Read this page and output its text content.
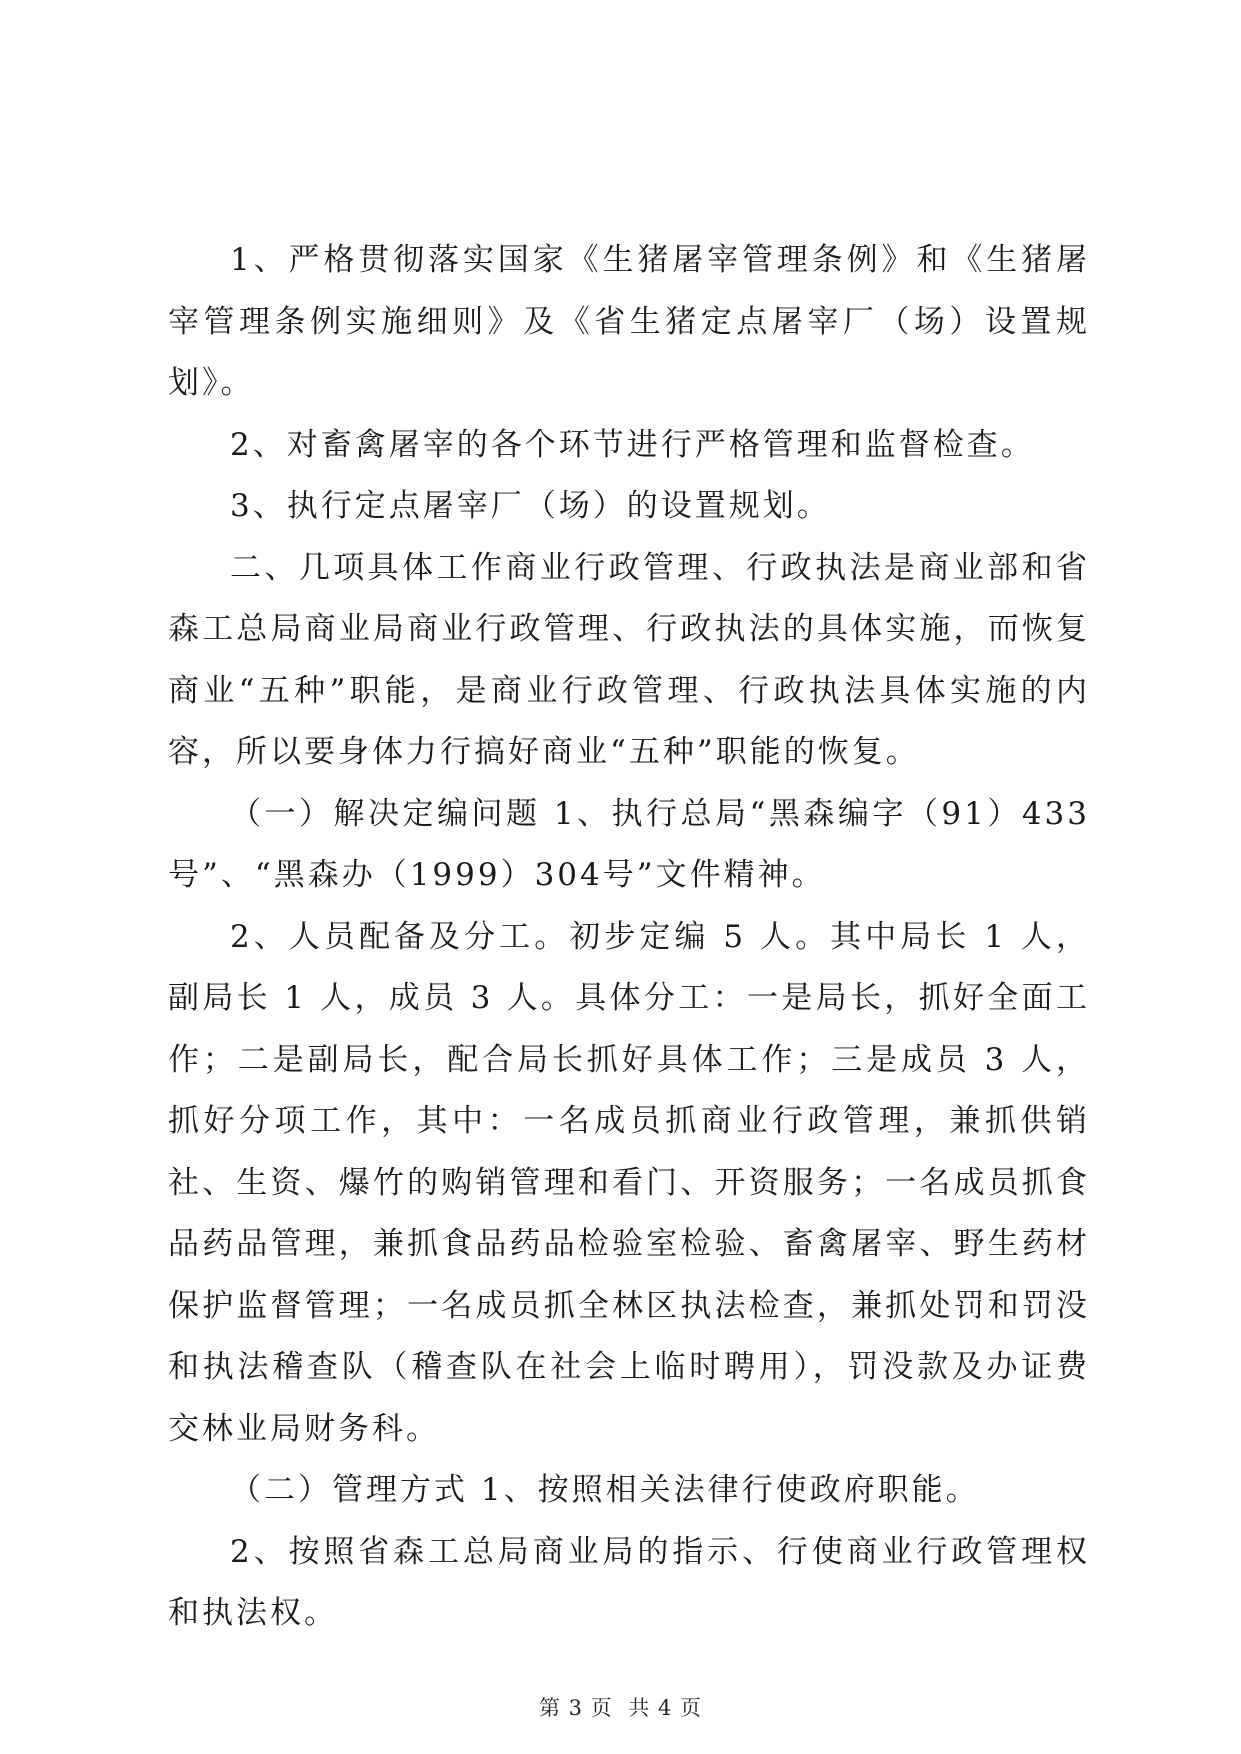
1、严格贯彻落实国家《生猪屠宰管理条例》和《生猪屠宰管理条例实施细则》及《省生猪定点屠宰厂（场）设置规划》。

2、对畜禽屠宰的各个环节进行严格管理和监督检查。

3、执行定点屠宰厂（场）的设置规划。

二、几项具体工作商业行政管理、行政执法是商业部和省森工总局商业局商业行政管理、行政执法的具体实施，而恢复商业“五种”职能，是商业行政管理、行政执法具体实施的内容，所以要身体力行搞好商业“五种”职能的恢复。

（一）解决定编问题 1、执行总局“黑森编字（91）433号”、“黑森办（1999）304号”文件精神。

2、人员配备及分工。初步定编 5 人。其中局长 1 人，副局长 1 人，成员 3 人。具体分工：一是局长，抓好全面工作；二是副局长，配合局长抓好具体工作；三是成员 3 人，抓好分项工作，其中：一名成员抓商业行政管理，兼抓供销社、生资、爆竹的购销管理和看门、开资服务；一名成员抓食品药品管理，兼抓食品药品检验室检验、畜禽屠宰、野生药材保护监督管理；一名成员抓全林区执法检查，兼抓处罚和罚没和执法稽查队（稽查队在社会上临时聘用），罚没款及办证费交林业局财务科。

（二）管理方式 1、按照相关法律行使政府职能。

2、按照省森工总局商业局的指示、行使商业行政管理权和执法权。

第 3 页 共 4 页
